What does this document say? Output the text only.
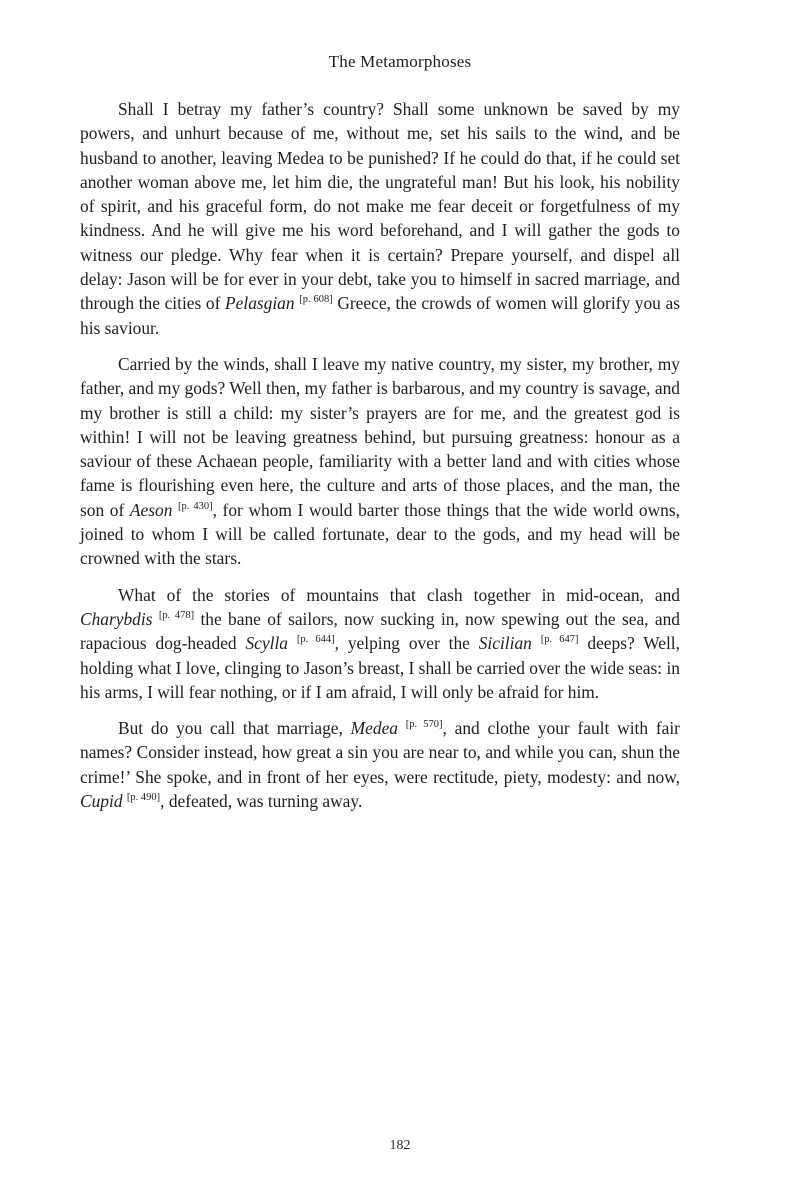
The Metamorphoses

Shall I betray my father’s country? Shall some unknown be saved by my powers, and unhurt because of me, without me, set his sails to the wind, and be husband to another, leaving Medea to be punished? If he could do that, if he could set another woman above me, let him die, the ungrateful man! But his look, his nobility of spirit, and his graceful form, do not make me fear deceit or forgetfulness of my kindness. And he will give me his word beforehand, and I will gather the gods to witness our pledge. Why fear when it is certain? Prepare yourself, and dispel all delay: Jason will be for ever in your debt, take you to himself in sacred marriage, and through the cities of Pelasgian [p. 608] Greece, the crowds of women will glorify you as his saviour.

Carried by the winds, shall I leave my native country, my sister, my brother, my father, and my gods? Well then, my father is barbarous, and my country is savage, and my brother is still a child: my sister’s prayers are for me, and the greatest god is within! I will not be leaving greatness behind, but pursuing greatness: honour as a saviour of these Achaean people, familiarity with a better land and with cities whose fame is flourishing even here, the culture and arts of those places, and the man, the son of Aeson [p. 430], for whom I would barter those things that the wide world owns, joined to whom I will be called fortunate, dear to the gods, and my head will be crowned with the stars.

What of the stories of mountains that clash together in mid-ocean, and Charybdis [p. 478] the bane of sailors, now sucking in, now spewing out the sea, and rapacious dog-headed Scylla [p. 644], yelping over the Sicilian [p. 647] deeps? Well, holding what I love, clinging to Jason’s breast, I shall be carried over the wide seas: in his arms, I will fear nothing, or if I am afraid, I will only be afraid for him.

But do you call that marriage, Medea [p. 570], and clothe your fault with fair names? Consider instead, how great a sin you are near to, and while you can, shun the crime!’ She spoke, and in front of her eyes, were rectitude, piety, modesty: and now, Cupid [p. 490], defeated, was turning away.

182
